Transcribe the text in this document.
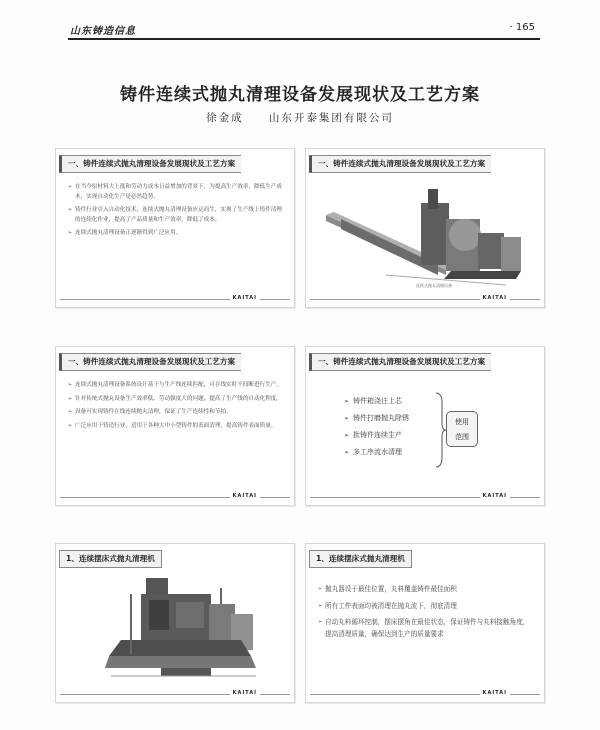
山东铸造信息	· 165
铸件连续式抛丸清理设备发展现状及工艺方案
徐金成 山东开泰集团有限公司
一、铸件连续式抛丸清理设备发展现状及工艺方案
➢ 在当今原材料大上涨和劳动力成本日益增加的背景下，为提高生产效率，降低生产成本，实现自动化生产是必然趋势。
➢ 铸件行业引入自动化技术，连续式抛丸清理设备应运而生，实现了生产线上铸件清理的连续化作业，提高了产品质量和生产效率，降低了成本。
➢ 连续式抛丸清理设备正逐渐得到广泛应用。
KAITAI
一、铸件连续式抛丸清理设备发展现状及工艺方案
连续式抛丸清理设备
KAITAI
一、铸件连续式抛丸清理设备发展现状及工艺方案
➢ 连续式抛丸清理设备系统设计基于与生产线连续匹配，可在线实时不间断进行生产。
➢ 针对传统式抛丸设备生产效率低、劳动强度大的问题，提高了生产线的自动化程度。
➢ 设备可实现铸件在线连续抛丸清理，保证了生产连续性和节拍。
➢ 广泛应用于铸造行业，适用于各种大中小型铸件的表面清理，提高铸件表面质量。
KAITAI
一、铸件连续式抛丸清理设备发展现状及工艺方案
➢ 铸件箱浇注上芯
➢ 铸件打磨抛丸除锈
➢ 批铸件连续生产
➢ 多工序流水清理
使用
范围
KAITAI
1、连续摆床式抛丸清理机
KAITAI
1、连续摆床式抛丸清理机
➢ 抛丸器设于最佳位置，丸料覆盖铸件最佳面积
➢ 所有工件表面均被清理在抛丸流下，彻底清理
➢ 自动丸料循环控制，摆床摆角在最佳状态，保证铸件与丸料接触角度，提高清理质量，确保达到生产的质量要求
KAITAI
